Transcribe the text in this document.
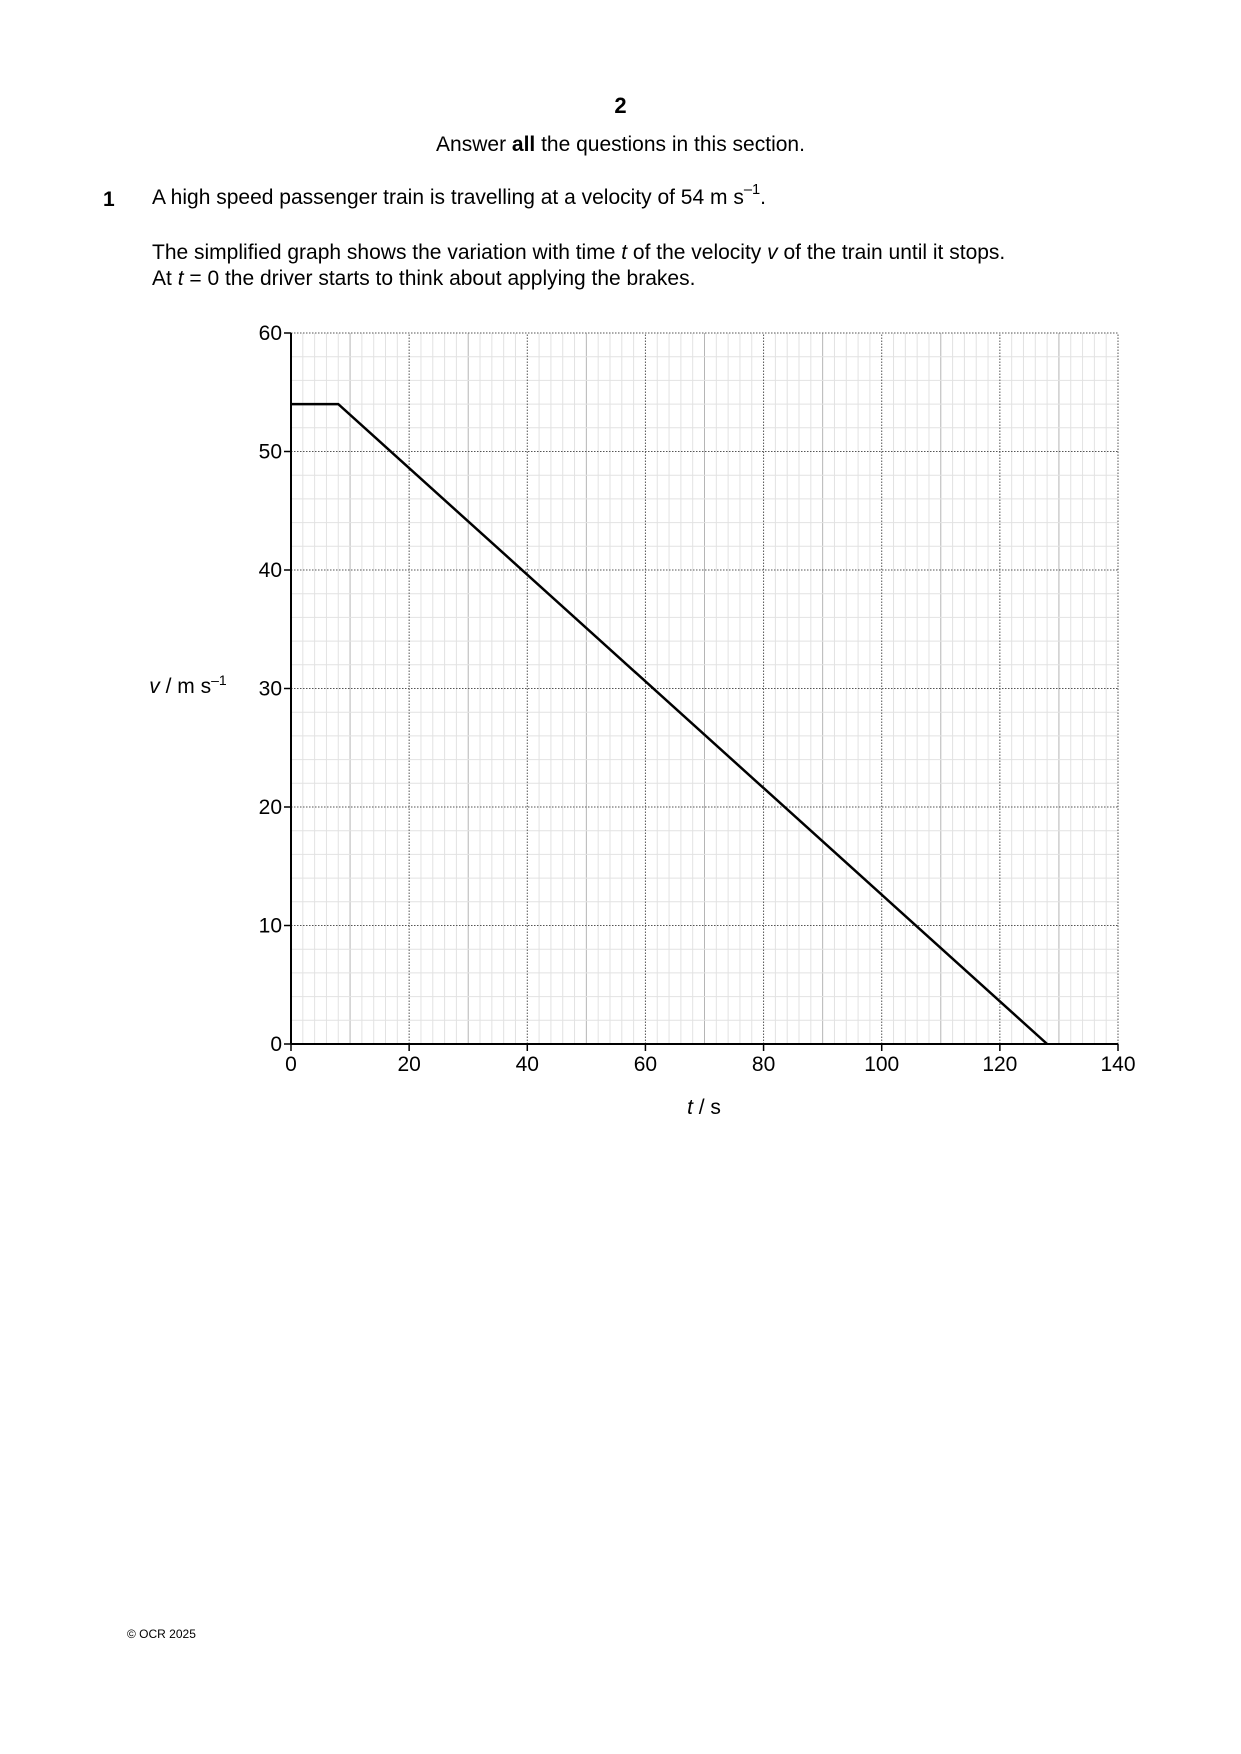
2
Answer all the questions in this section.
1 A high speed passenger train is travelling at a velocity of 54 m $s^{-1}$.
The simplified graph shows the variation with time t of the velocity v of the train until it stops.
At t = 0 the driver starts to think about applying the brakes.
0	20	40	60	80	100	120	140
0
10
20
30
40
50
60
v / m $s^{-1}$
t / s
© OCR 2025
